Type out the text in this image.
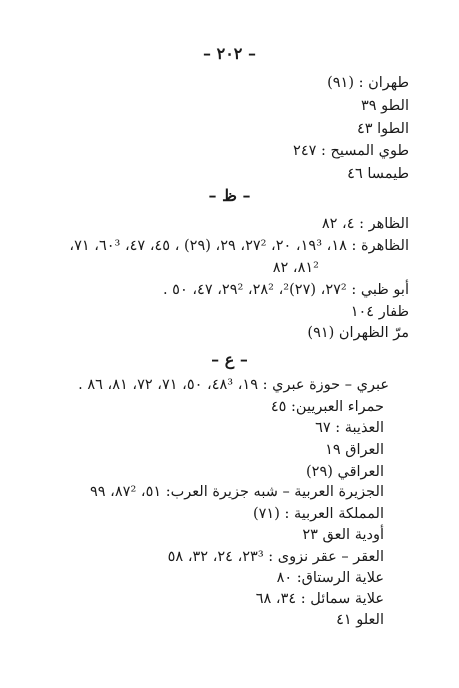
– ٢٠٢ –
طهران : (٩١)
الطو ٣٩
الطوا ٤٣
طوي المسيح : ٢٤٧
طيمسا ٤٦
– ظ –
الظاهر : ٤، ٨٢
الظاهرة : ١٨، ١٩³، ٢٠، ٢٧²، ٢٩، (٢٩) ، ٤٥، ٤٧، ٦٠³، ٧١،
٨١، ٨٢²
أبو ظبي : ٢٧²، (٢٧)²، ٢٨²، ٢٩²، ٤٧، ٥٠ .
ظفار ١٠٤
مرّ الظهران (٩١)
– ع –
عبري – حوزة عبري : ١٩، ٤٨³، ٥٠، ٧١، ٧٢، ٨١، ٨٦ .
حمراء العبريين: ٤٥
العذيبة : ٦٧
العراق ١٩
العراقي (٢٩)
الجزيرة العربية – شبه جزيرة العرب: ٥١، ٨٧²، ٩٩
المملكة العربية : (٧١)
أودية العق ٢٣
العقر – عقر نزوى : ٢٣³، ٢٤، ٣٢، ٥٨
علاية الرستاق: ٨٠
علاية سمائل : ٣٤، ٦٨
العلو ٤١
